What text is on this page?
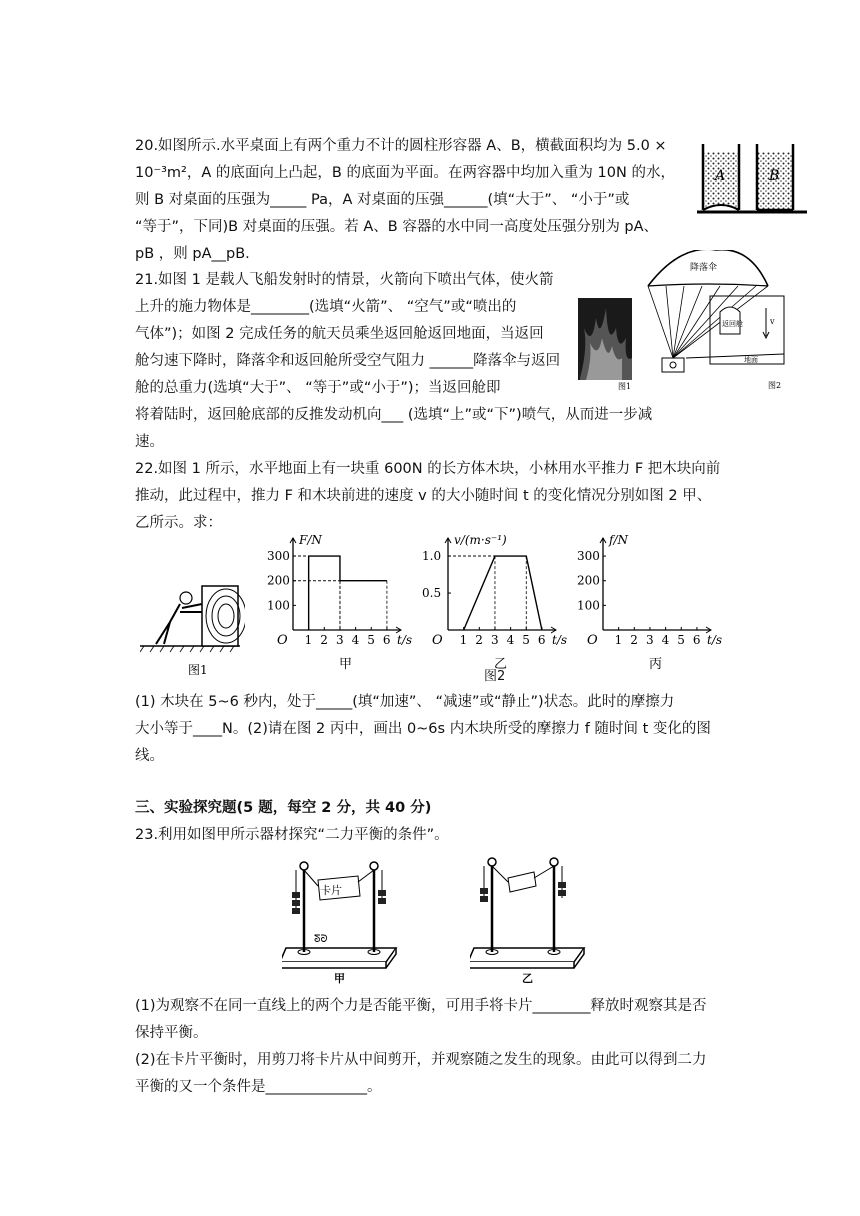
20.如图所示.水平桌面上有两个重力不计的圆柱形容器 A、B，横截面积均为 5.0 ×
10⁻³m²，A 的底面向上凸起，B 的底面为平面。在两容器中均加入重为 10N 的水，
则 B 对桌面的压强为_____ Pa，A 对桌面的压强______(填“大于”、 “小于”或
“等于”，下同)B 对桌面的压强。若 A、B 容器的水中同一高度处压强分别为 pA、
pB ，则 pA__pB.
A	B
21.如图 1 是载人飞船发射时的情景，火箭向下喷出气体，使火箭
上升的施力物体是________(选填“火箭”、 “空气”或“喷出的
气体”)；如图 2 完成任务的航天员乘坐返回舱返回地面，当返回
舱匀速下降时，降落伞和返回舱所受空气阻力 ______降落伞与返回
舱的总重力(选填“大于”、 “等于”或“小于”)；当返回舱即
将着陆时，返回舱底部的反推发动机向___ (选填“上”或“下”)喷气，从而进一步减
速。
图1
降落伞
返回舱	v
地面
图2
22.如图 1 所示，水平地面上有一块重 600N 的长方体木块，小林用水平推力 F 把木块向前
推动，此过程中，推力 F 和木块前进的速度 v 的大小随时间 t 的变化情况分别如图 2 甲、
乙所示。求：
图1
O	t/s
F/N
1 2 3 4 5 6
100
200
300
甲
O	t/s
v/(m·s⁻¹)
1 2 3 4 5 6
0.5
1.0
乙
O	t/s
f/N
1 2 3 4 5 6
100
200
300
丙
图2
(1) 木块在 5~6 秒内，处于_____(填“加速”、 “减速”或“静止”)状态。此时的摩擦力
大小等于____N。(2)请在图 2 丙中，画出 0~6s 内木块所受的摩擦力 f 随时间 t 变化的图
线。
三、实验探究题(5 题，每空 2 分，共 40 分)
23.利用如图甲所示器材探究“二力平衡的条件”。
卡片
ᘕᘐ
甲	乙
(1)为观察不在同一直线上的两个力是否能平衡，可用手将卡片________释放时观察其是否
保持平衡。
(2)在卡片平衡时，用剪刀将卡片从中间剪开，并观察随之发生的现象。由此可以得到二力
平衡的又一个条件是______________。
